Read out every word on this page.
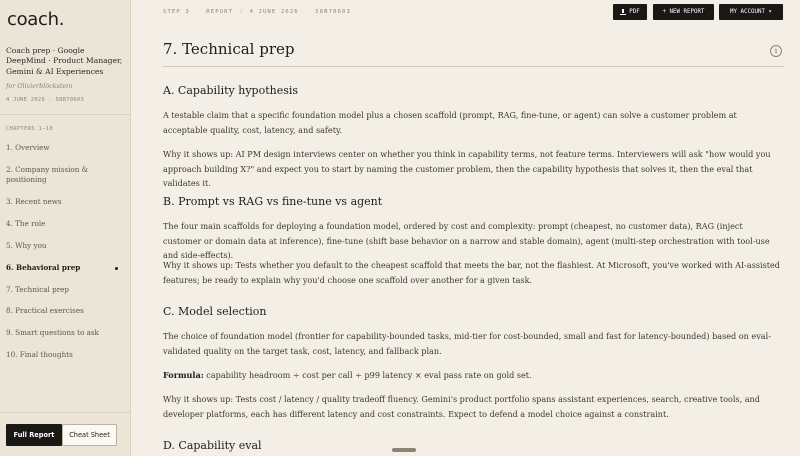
coach.
Coach prep · Google DeepMind · Product Manager, Gemini & AI Experiences
for Olivierblöckstein
4 JUNE 2026 · 58B70603
CHAPTERS 1–10
1. Overview
2. Company mission & positioning
3. Recent news
4. The role
5. Why you
6. Behavioral prep
7. Technical prep
8. Practical exercises
9. Smart questions to ask
10. Final thoughts
Full Report	Cheat Sheet
STEP 3 · REPORT / 4 JUNE 2026 · 58B70603	PDF	+ NEW REPORT	MY ACCOUNT ▾
7. Technical prep	i
A. Capability hypothesis
A testable claim that a specific foundation model plus a chosen scaffold (prompt, RAG, fine-tune, or agent) can solve a customer problem at acceptable quality, cost, latency, and safety.
Why it shows up: AI PM design interviews center on whether you think in capability terms, not feature terms. Interviewers will ask "how would you approach building X?" and expect you to start by naming the customer problem, then the capability hypothesis that solves it, then the eval that validates it.
B. Prompt vs RAG vs fine-tune vs agent
The four main scaffolds for deploying a foundation model, ordered by cost and complexity: prompt (cheapest, no customer data), RAG (inject customer or domain data at inference), fine-tune (shift base behavior on a narrow and stable domain), agent (multi-step orchestration with tool-use and side-effects).
Why it shows up: Tests whether you default to the cheapest scaffold that meets the bar, not the flashiest. At Microsoft, you've worked with AI-assisted features; be ready to explain why you'd choose one scaffold over another for a given task.
C. Model selection
The choice of foundation model (frontier for capability-bounded tasks, mid-tier for cost-bounded, small and fast for latency-bounded) based on eval-validated quality on the target task, cost, latency, and fallback plan.
Formula: capability headroom ÷ cost per call ÷ p99 latency × eval pass rate on gold set.
Why it shows up: Tests cost / latency / quality tradeoff fluency. Gemini's product portfolio spans assistant experiences, search, creative tools, and developer platforms, each has different latency and cost constraints. Expect to defend a model choice against a constraint.
D. Capability eval
